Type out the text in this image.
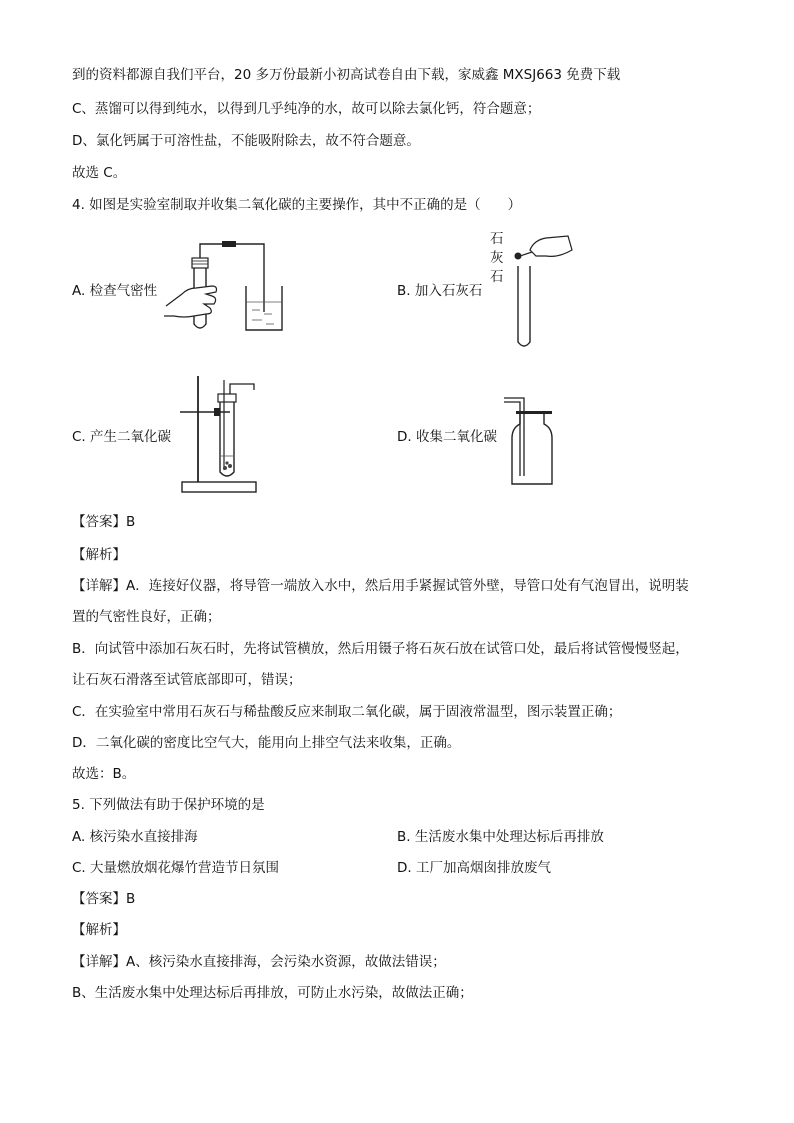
到的资料都源自我们平台，20 多万份最新小初高试卷自由下载，家威鑫 MXSJ663 免费下载
C、蒸馏可以得到纯水，以得到几乎纯净的水，故可以除去氯化钙，符合题意；
D、氯化钙属于可溶性盐，不能吸附除去，故不符合题意。
故选 C。
4. 如图是实验室制取并收集二氧化碳的主要操作，其中不正确的是（　　）
A. 检查气密性
石
灰
石
B. 加入石灰石
C. 产生二氧化碳	D. 收集二氧化碳
【答案】B
【解析】
【详解】A．连接好仪器，将导管一端放入水中，然后用手紧握试管外壁，导管口处有气泡冒出，说明装
置的气密性良好，正确；
B．向试管中添加石灰石时，先将试管横放，然后用镊子将石灰石放在试管口处，最后将试管慢慢竖起，
让石灰石滑落至试管底部即可，错误；
C．在实验室中常用石灰石与稀盐酸反应来制取二氧化碳，属于固液常温型，图示装置正确；
D．二氧化碳的密度比空气大，能用向上排空气法来收集，正确。
故选：B。
5. 下列做法有助于保护环境的是
A. 核污染水直接排海	B. 生活废水集中处理达标后再排放
C. 大量燃放烟花爆竹营造节日氛围	D. 工厂加高烟囱排放废气
【答案】B
【解析】
【详解】A、核污染水直接排海，会污染水资源，故做法错误；
B、生活废水集中处理达标后再排放，可防止水污染，故做法正确；
